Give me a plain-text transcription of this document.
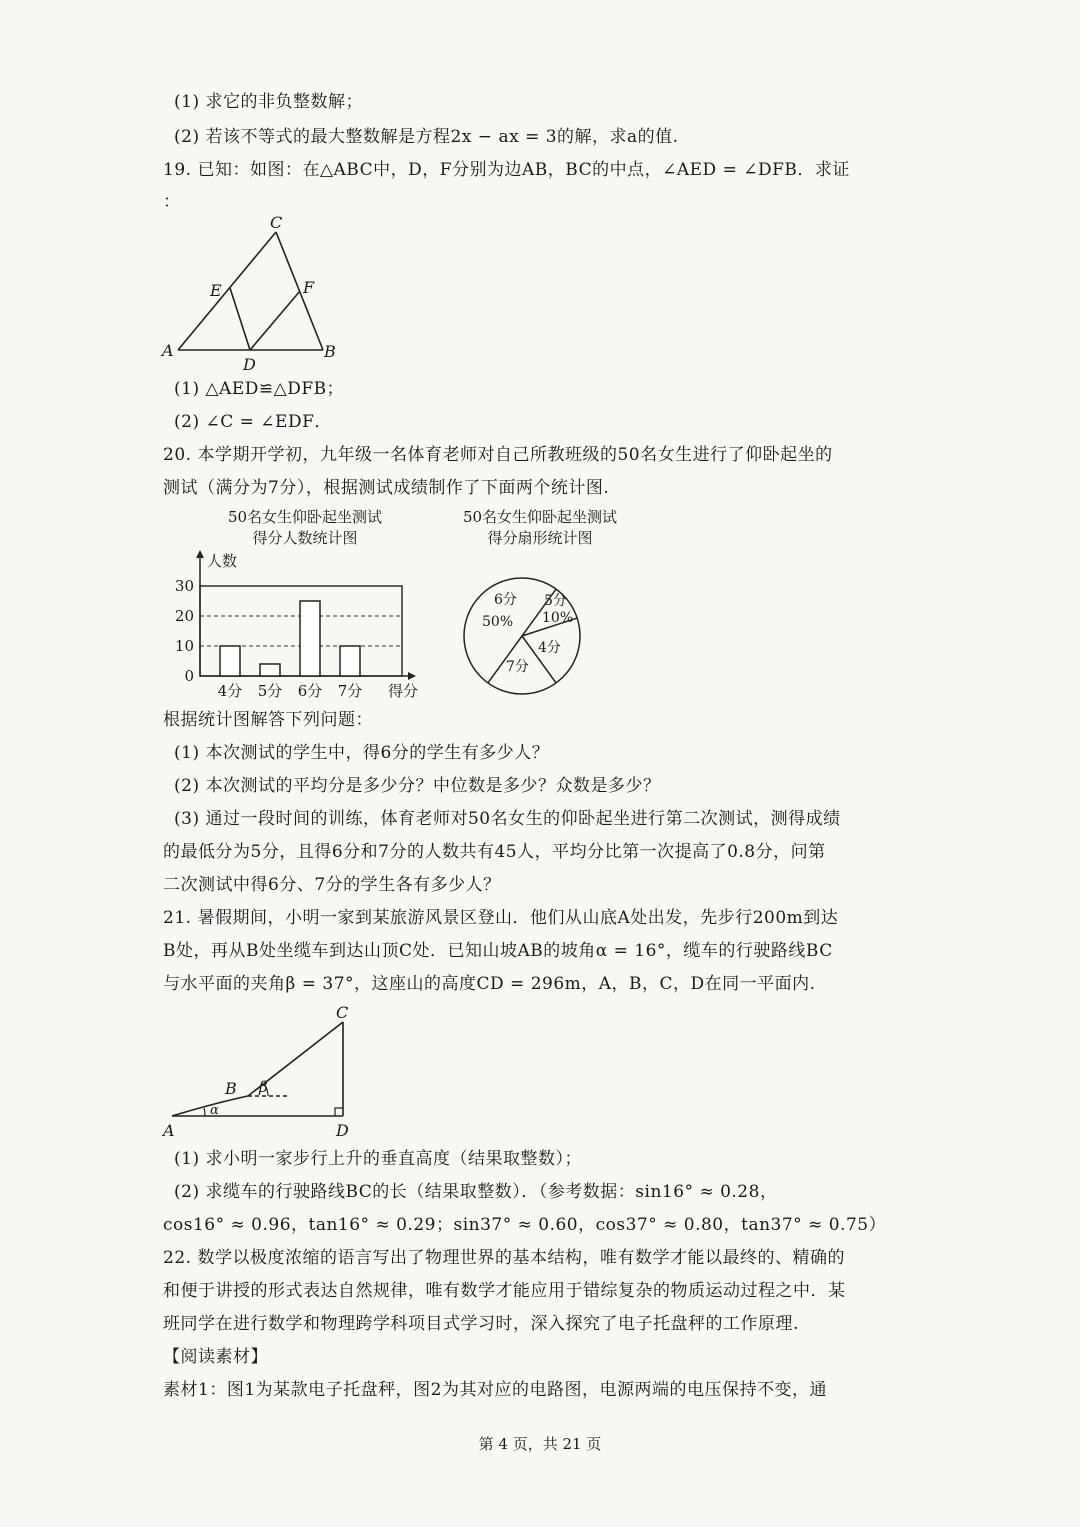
(1) 求它的非负整数解；
(2) 若该不等式的最大整数解是方程2x − ax = 3的解，求a的值.
19. 已知：如图：在△ABC中，D，F分别为边AB，BC的中点，∠AED = ∠DFB．求证
：
A	B
C
D
E	F
(1) △AED≌△DFB；
(2) ∠C = ∠EDF．
20. 本学期开学初，九年级一名体育老师对自己所教班级的50名女生进行了仰卧起坐的
测试（满分为7分），根据测试成绩制作了下面两个统计图.
50名女生仰卧起坐测试
得分人数统计图
50名女生仰卧起坐测试
得分扇形统计图
0
10
20
30
人数
得分
4分 5分 6分 7分
6分
50%
5分
10%
4分
7分
根据统计图解答下列问题：
(1) 本次测试的学生中，得6分的学生有多少人？
(2) 本次测试的平均分是多少分？中位数是多少？众数是多少？
(3) 通过一段时间的训练，体育老师对50名女生的仰卧起坐进行第二次测试，测得成绩
的最低分为5分，且得6分和7分的人数共有45人，平均分比第一次提高了0.8分，问第
二次测试中得6分、7分的学生各有多少人？
21. 暑假期间，小明一家到某旅游风景区登山．他们从山底A处出发，先步行200m到达
B处，再从B处坐缆车到达山顶C处．已知山坡AB的坡角α = 16°，缆车的行驶路线BC
与水平面的夹角β = 37°，这座山的高度CD = 296m，A，B，C，D在同一平面内.
A
B
C
D
α
β
(1) 求小明一家步行上升的垂直高度（结果取整数）；
(2) 求缆车的行驶路线BC的长（结果取整数）．（参考数据：sin16° ≈ 0.28，
cos16° ≈ 0.96，tan16° ≈ 0.29；sin37° ≈ 0.60，cos37° ≈ 0.80，tan37° ≈ 0.75）
22. 数学以极度浓缩的语言写出了物理世界的基本结构，唯有数学才能以最终的、精确的
和便于讲授的形式表达自然规律，唯有数学才能应用于错综复杂的物质运动过程之中．某
班同学在进行数学和物理跨学科项目式学习时，深入探究了电子托盘秤的工作原理.
【阅读素材】
素材1：图1为某款电子托盘秤，图2为其对应的电路图，电源两端的电压保持不变，通
第 4 页，共 21 页
